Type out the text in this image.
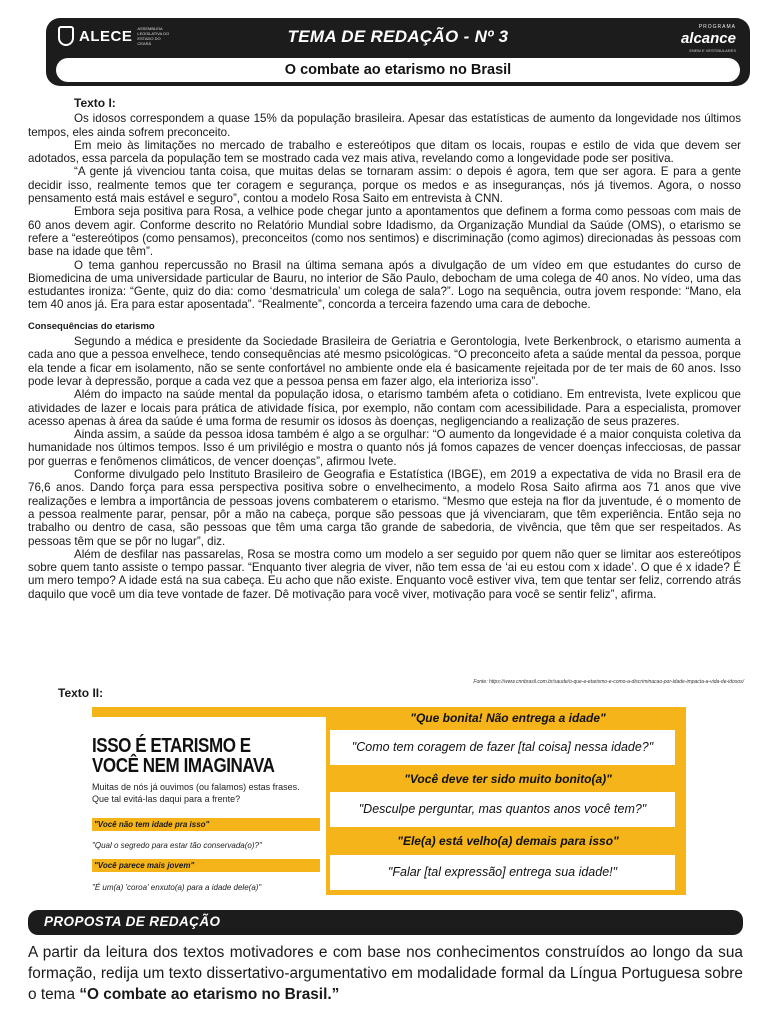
ALECE ASSEMBLEIA LEGISLATIVA DO ESTADO DO CEARÁ	TEMA DE REDAÇÃO - Nº 3	PROGRAMA
alcance
ENEM E VESTIBULARES
O combate ao etarismo no Brasil
Texto I:

Os idosos correspondem a quase 15% da população brasileira. Apesar das estatísticas de aumento da longevidade nos últimos tempos, eles ainda sofrem preconceito.

Em meio às limitações no mercado de trabalho e estereótipos que ditam os locais, roupas e estilo de vida que devem ser adotados, essa parcela da população tem se mostrado cada vez mais ativa, revelando como a longevidade pode ser positiva.

“A gente já vivenciou tanta coisa, que muitas delas se tornaram assim: o depois é agora, tem que ser agora. E para a gente decidir isso, realmente temos que ter coragem e segurança, porque os medos e as inseguranças, nós já tivemos. Agora, o nosso pensamento está mais estável e seguro”, contou a modelo Rosa Saito em entrevista à CNN.

Embora seja positiva para Rosa, a velhice pode chegar junto a apontamentos que definem a forma como pessoas com mais de 60 anos devem agir. Conforme descrito no Relatório Mundial sobre Idadismo, da Organização Mundial da Saúde (OMS), o etarismo se refere a “estereótipos (como pensamos), preconceitos (como nos sentimos) e discriminação (como agimos) direcionadas às pessoas com base na idade que têm”.

O tema ganhou repercussão no Brasil na última semana após a divulgação de um vídeo em que estudantes do curso de Biomedicina de uma universidade particular de Bauru, no interior de São Paulo, debocham de uma colega de 40 anos. No vídeo, uma das estudantes ironiza: “Gente, quiz do dia: como ‘desmatricula’ um colega de sala?”. Logo na sequência, outra jovem responde: “Mano, ela tem 40 anos já. Era para estar aposentada”. “Realmente”, concorda a terceira fazendo uma cara de deboche.

Consequências do etarismo

Segundo a médica e presidente da Sociedade Brasileira de Geriatria e Gerontologia, Ivete Berkenbrock, o etarismo aumenta a cada ano que a pessoa envelhece, tendo consequências até mesmo psicológicas. “O preconceito afeta a saúde mental da pessoa, porque ela tende a ficar em isolamento, não se sente confortável no ambiente onde ela é basicamente rejeitada por de ter mais de 60 anos. Isso pode levar à depressão, porque a cada vez que a pessoa pensa em fazer algo, ela interioriza isso”.

Além do impacto na saúde mental da população idosa, o etarismo também afeta o cotidiano. Em entrevista, Ivete explicou que atividades de lazer e locais para prática de atividade física, por exemplo, não contam com acessibilidade. Para a especialista, promover acesso apenas à área da saúde é uma forma de resumir os idosos às doenças, negligenciando a realização de seus prazeres.

Ainda assim, a saúde da pessoa idosa também é algo a se orgulhar: “O aumento da longevidade é a maior conquista coletiva da humanidade nos últimos tempos. Isso é um privilégio e mostra o quanto nós já fomos capazes de vencer doenças infecciosas, de passar por guerras e fenômenos climáticos, de vencer doenças”, afirmou Ivete.

Conforme divulgado pelo Instituto Brasileiro de Geografia e Estatística (IBGE), em 2019 a expectativa de vida no Brasil era de 76,6 anos. Dando força para essa perspectiva positiva sobre o envelhecimento, a modelo Rosa Saito afirma aos 71 anos que vive realizações e lembra a importância de pessoas jovens combaterem o etarismo. “Mesmo que esteja na flor da juventude, é o momento de a pessoa realmente parar, pensar, pôr a mão na cabeça, porque são pessoas que já vivenciaram, que têm experiência. Então seja no trabalho ou dentro de casa, são pessoas que têm uma carga tão grande de sabedoria, de vivência, que têm que ser respeitados. As pessoas têm que se pôr no lugar”, diz.

Além de desfilar nas passarelas, Rosa se mostra como um modelo a ser seguido por quem não quer se limitar aos estereótipos sobre quem tanto assiste o tempo passar. “Enquanto tiver alegria de viver, não tem essa de ‘ai eu estou com x idade’. O que é x idade? É um mero tempo? A idade está na sua cabeça. Eu acho que não existe. Enquanto você estiver viva, tem que tentar ser feliz, correndo atrás daquilo que você um dia teve vontade de fazer. Dê motivação para você viver, motivação para você se sentir feliz”, afirma.

Fonte: https://www.cnnbrasil.com.br/saude/o-que-e-etarismo-e-como-a-discriminacao-por-idade-impacta-a-vida-de-idosos/
Texto II:
ISSO É ETARISMO E
VOCÊ NEM IMAGINAVA
Muitas de nós já ouvimos (ou falamos) estas frases.
Que tal evitá-las daqui para a frente?
"Você não tem idade pra isso"
"Qual o segredo para estar tão conservada(o)?"
"Você parece mais jovem"
"É um(a) 'coroa' enxuto(a) para a idade dele(a)"
"Que bonita! Não entrega a idade"
"Como tem coragem de fazer [tal coisa] nessa idade?"
"Você deve ter sido muito bonito(a)"
"Desculpe perguntar, mas quantos anos você tem?"
"Ele(a) está velho(a) demais para isso"
"Falar [tal expressão] entrega sua idade!"
PROPOSTA DE REDAÇÃO
A partir da leitura dos textos motivadores e com base nos conhecimentos construídos ao longo da sua formação, redija um texto dissertativo-argumentativo em modalidade formal da Língua Portuguesa sobre o tema “O combate ao etarismo no Brasil.”
